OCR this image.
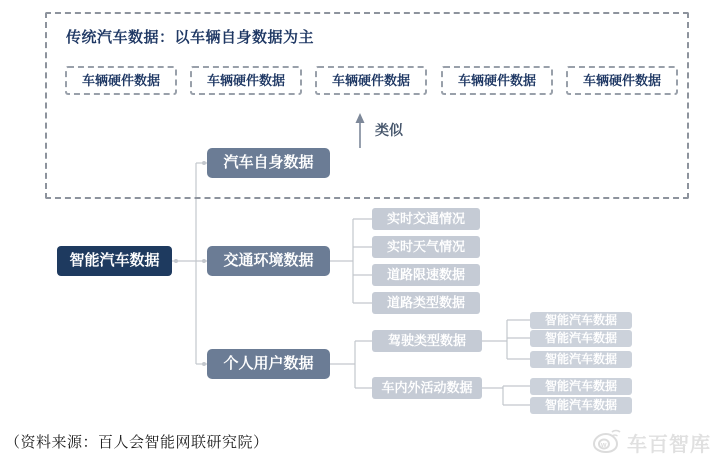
传统汽车数据：以车辆自身数据为主
车辆硬件数据	车辆硬件数据	车辆硬件数据	车辆硬件数据	车辆硬件数据
类似
智能汽车数据
汽车自身数据
交通环境数据
个人用户数据
实时交通情况
实时天气情况
道路限速数据
道路类型数据
驾驶类型数据
车内外活动数据
智能汽车数据
智能汽车数据
智能汽车数据
智能汽车数据
智能汽车数据
（资料来源：百人会智能网联研究院）	w 车百智库
